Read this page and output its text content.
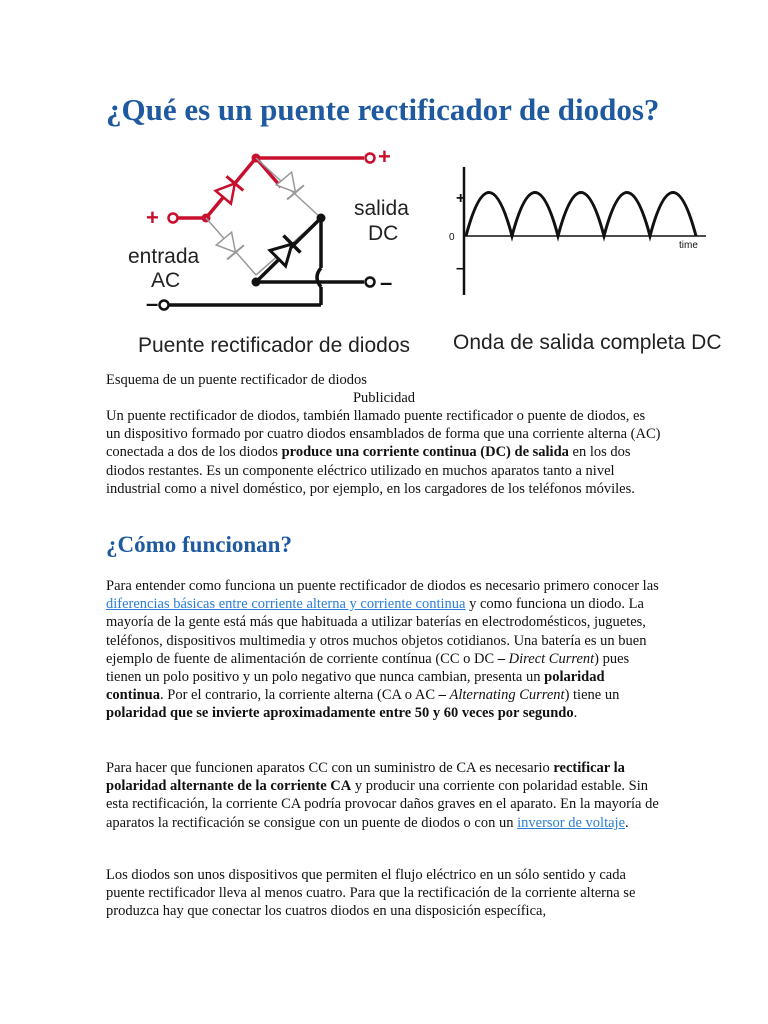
¿Qué es un puente rectificador de diodos?
+
+
–
–
entrada
AC
salida
DC
Puente rectificador de diodos
+
0
–
time
Onda de salida completa DC
Esquema de un puente rectificador de diodos
Publicidad

Un puente rectificador de diodos, también llamado puente rectificador o puente de diodos, es un dispositivo formado por cuatro diodos ensamblados de forma que una corriente alterna (AC) conectada a dos de los diodos produce una corriente continua (DC) de salida en los dos diodos restantes. Es un componente eléctrico utilizado en muchos aparatos tanto a nivel industrial como a nivel doméstico, por ejemplo, en los cargadores de los teléfonos móviles.

¿Cómo funcionan?

Para entender como funciona un puente rectificador de diodos es necesario primero conocer las diferencias básicas entre corriente alterna y corriente continua y como funciona un diodo. La mayoría de la gente está más que habituada a utilizar baterías en electrodomésticos, juguetes, teléfonos, dispositivos multimedia y otros muchos objetos cotidianos. Una batería es un buen ejemplo de fuente de alimentación de corriente contínua (CC o DC – Direct Current) pues tienen un polo positivo y un polo negativo que nunca cambian, presenta un polaridad continua. Por el contrario, la corriente alterna (CA o AC – Alternating Current) tiene un polaridad que se invierte aproximadamente entre 50 y 60 veces por segundo.

Para hacer que funcionen aparatos CC con un suministro de CA es necesario rectificar la polaridad alternante de la corriente CA y producir una corriente con polaridad estable. Sin esta rectificación, la corriente CA podría provocar daños graves en el aparato. En la mayoría de aparatos la rectificación se consigue con un puente de diodos o con un inversor de voltaje.

Los diodos son unos dispositivos que permiten el flujo eléctrico en un sólo sentido y cada puente rectificador lleva al menos cuatro. Para que la rectificación de la corriente alterna se produzca hay que conectar los cuatros diodos en una disposición específica,
